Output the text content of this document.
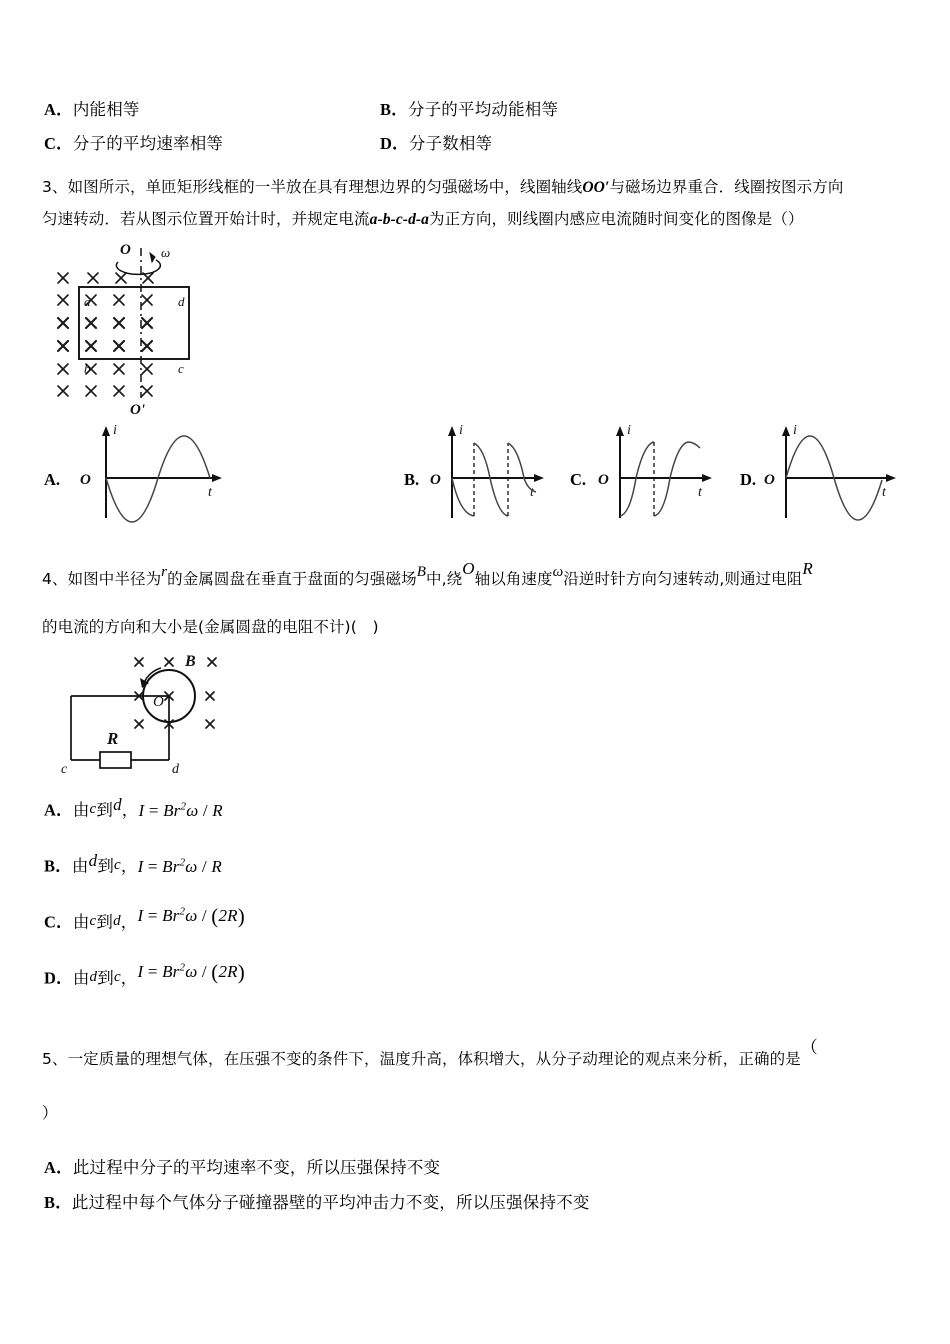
A．内能相等	B．分子的平均动能相等
C．分子的平均速率相等	D．分子数相等
3、如图所示，单匝矩形线框的一半放在具有理想边界的匀强磁场中，线圈轴线OO′与磁场边界重合．线圈按图示方向
匀速转动．若从图示位置开始计时，并规定电流a-b-c-d-a为正方向，则线圈内感应电流随时间变化的图像是（）
O ω
O'
a
b	c
d
A. O
i
t
B. O
i
t
C. O
i
t
D. O
i
t
4、如图中半径为r的金属圆盘在垂直于盘面的匀强磁场B中,绕O轴以角速度ω沿逆时针方向匀速转动,则通过电阻R
的电流的方向和大小是(金属圆盘的电阻不计)(　)
B
O
R
c	d
A．由c到d，$I = Br^2\omega / R$
B．由d到c，$I = Br^2\omega / R$
C．由c到d，$I = Br^2\omega / (2R)$
D．由d到c，$I = Br^2\omega / (2R)$
5、一定质量的理想气体，在压强不变的条件下，温度升高，体积增大，从分子动理论的观点来分析，正确的是（
）
A．此过程中分子的平均速率不变，所以压强保持不变
B．此过程中每个气体分子碰撞器壁的平均冲击力不变，所以压强保持不变
